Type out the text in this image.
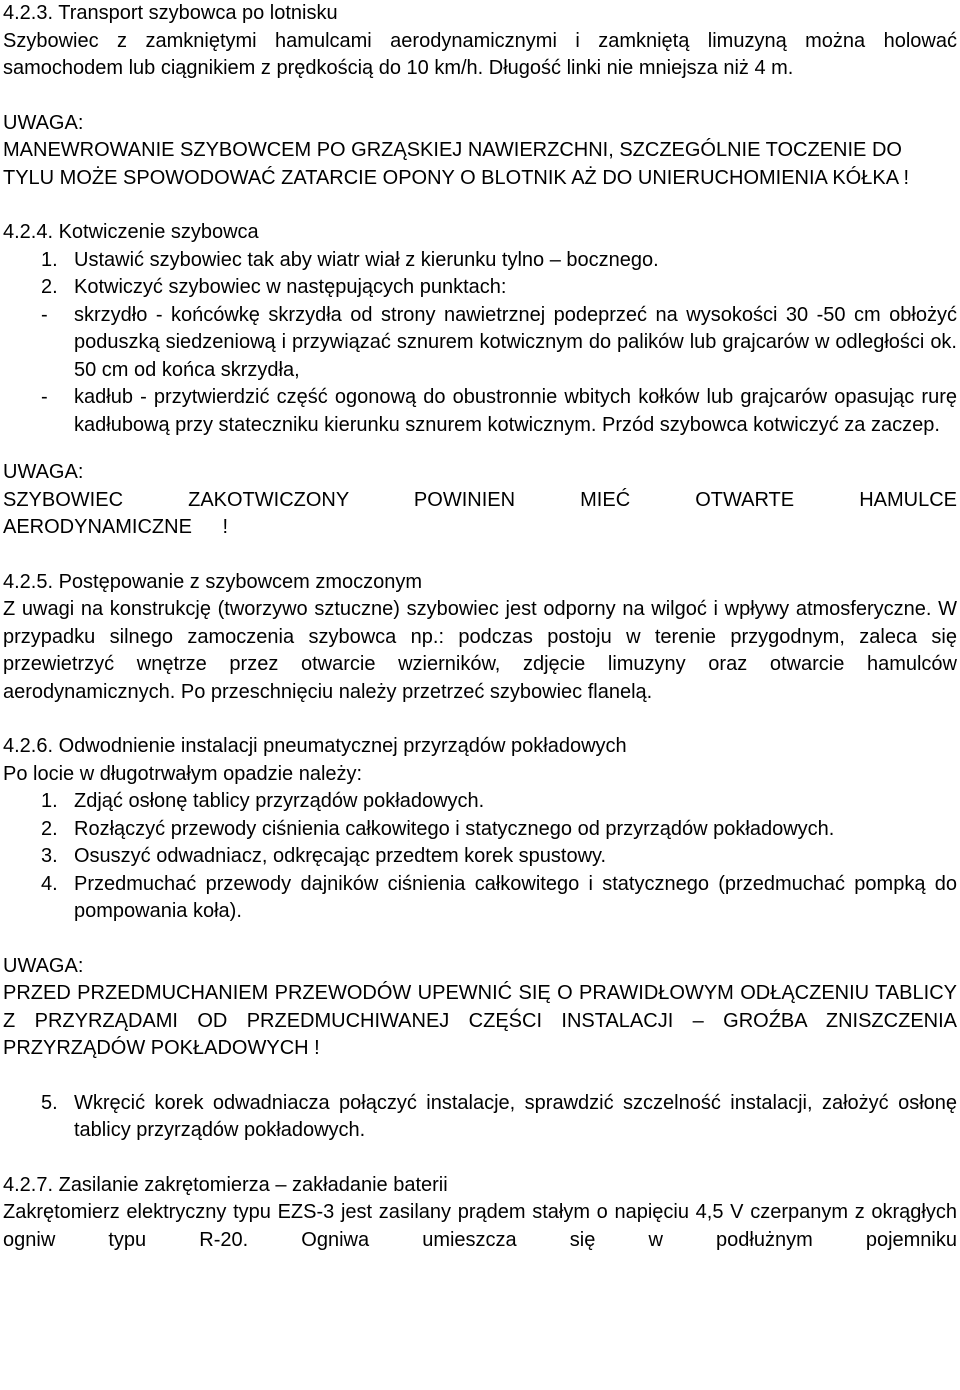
4.2.3. Transport szybowca po lotnisku

Szybowiec z zamkniętymi hamulcami aerodynamicznymi i zamkniętą limuzyną można holować samochodem lub ciągnikiem z prędkością do 10 km/h. Długość linki nie mniejsza niż 4 m.

UWAGA:

MANEWROWANIE SZYBOWCEM PO GRZĄSKIEJ NAWIERZCHNI, SZCZEGÓLNIE TOCZENIE DO TYLU MOŻE SPOWODOWAĆ ZATARCIE OPONY O BLOTNIK AŻ DO UNIERUCHOMIENIA KÓŁKA !

4.2.4. Kotwiczenie szybowca

1. Ustawić szybowiec tak aby wiatr wiał z kierunku tylno – bocznego.
2. Kotwiczyć szybowiec w następujących punktach:
-	skrzydło - końcówkę skrzydła od strony nawietrznej podeprzeć na wysokości 30 -50 cm obłożyć poduszką siedzeniową i przywiązać sznurem kotwicznym do palików lub grajcarów w odległości ok. 50 cm od końca skrzydła,
-	kadłub - przytwierdzić część ogonową do obustronnie wbitych kołków lub grajcarów opasując rurę kadłubową przy stateczniku kierunku sznurem kotwicznym. Przód szybowca kotwiczyć za zaczep.

UWAGA:

SZYBOWIEC ZAKOTWICZONY POWINIEN MIEĆ OTWARTE HAMULCE AERODYNAMICZNE !

4.2.5. Postępowanie z szybowcem zmoczonym

Z uwagi na konstrukcję (tworzywo sztuczne) szybowiec jest odporny na wilgoć i wpływy atmosferyczne. W przypadku silnego zamoczenia szybowca np.: podczas postoju w terenie przygodnym, zaleca się przewietrzyć wnętrze przez otwarcie wzierników, zdjęcie limuzyny oraz otwarcie hamulców aerodynamicznych. Po przeschnięciu należy przetrzeć szybowiec flanelą.

4.2.6. Odwodnienie instalacji pneumatycznej przyrządów pokładowych

Po locie w długotrwałym opadzie należy:

1. Zdjąć osłonę tablicy przyrządów pokładowych.
2. Rozłączyć przewody ciśnienia całkowitego i statycznego od przyrządów pokładowych.
3. Osuszyć odwadniacz, odkręcając przedtem korek spustowy.
4. Przedmuchać przewody dajników ciśnienia całkowitego i statycznego (przedmuchać pompką do pompowania koła).

UWAGA:

PRZED PRZEDMUCHANIEM PRZEWODÓW UPEWNIĆ SIĘ O PRAWIDŁOWYM ODŁĄCZENIU TABLICY Z PRZYRZĄDAMI OD PRZEDMUCHIWANEJ CZĘŚCI INSTALACJI – GROŹBA ZNISZCZENIA PRZYRZĄDÓW POKŁADOWYCH !

5. Wkręcić korek odwadniacza połączyć instalacje, sprawdzić szczelność instalacji, założyć osłonę tablicy przyrządów pokładowych.

4.2.7. Zasilanie zakrętomierza – zakładanie baterii

Zakrętomierz elektryczny typu EZS-3 jest zasilany prądem stałym o napięciu 4,5 V czerpanym z okrągłych ogniw typu R-20. Ogniwa umieszcza się w podłużnym pojemniku
